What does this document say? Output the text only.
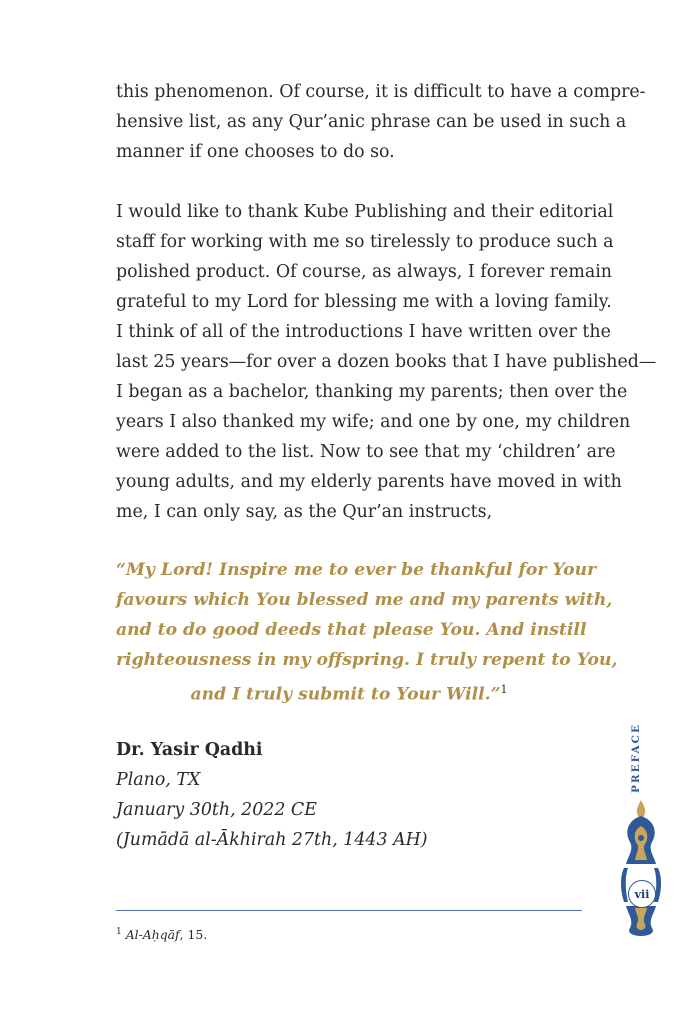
this phenomenon. Of course, it is difficult to have a compre-
hensive list, as any Qur’anic phrase can be used in such a
manner if one chooses to do so.
I would like to thank Kube Publishing and their editorial
staff for working with me so tirelessly to produce such a
polished product. Of course, as always, I forever remain
grateful to my Lord for blessing me with a loving family.
I think of all of the introductions I have written over the
last 25 years—for over a dozen books that I have published—
I began as a bachelor, thanking my parents; then over the
years I also thanked my wife; and one by one, my children
were added to the list. Now to see that my ‘children’ are
young adults, and my elderly parents have moved in with
me, I can only say, as the Qur’an instructs,
“My Lord! Inspire me to ever be thankful for Your
favours which You blessed me and my parents with,
and to do good deeds that please You. And instill
righteousness in my offspring. I truly repent to You,
and I truly submit to Your Will.”$^1$
Dr. Yasir Qadhi
Plano, TX
January 30th, 2022 CE
(Jumādā al-Ākhirah 27th, 1443 AH)
$^1$ Al-Aḥqāf, 15.
PREFACE
vii
